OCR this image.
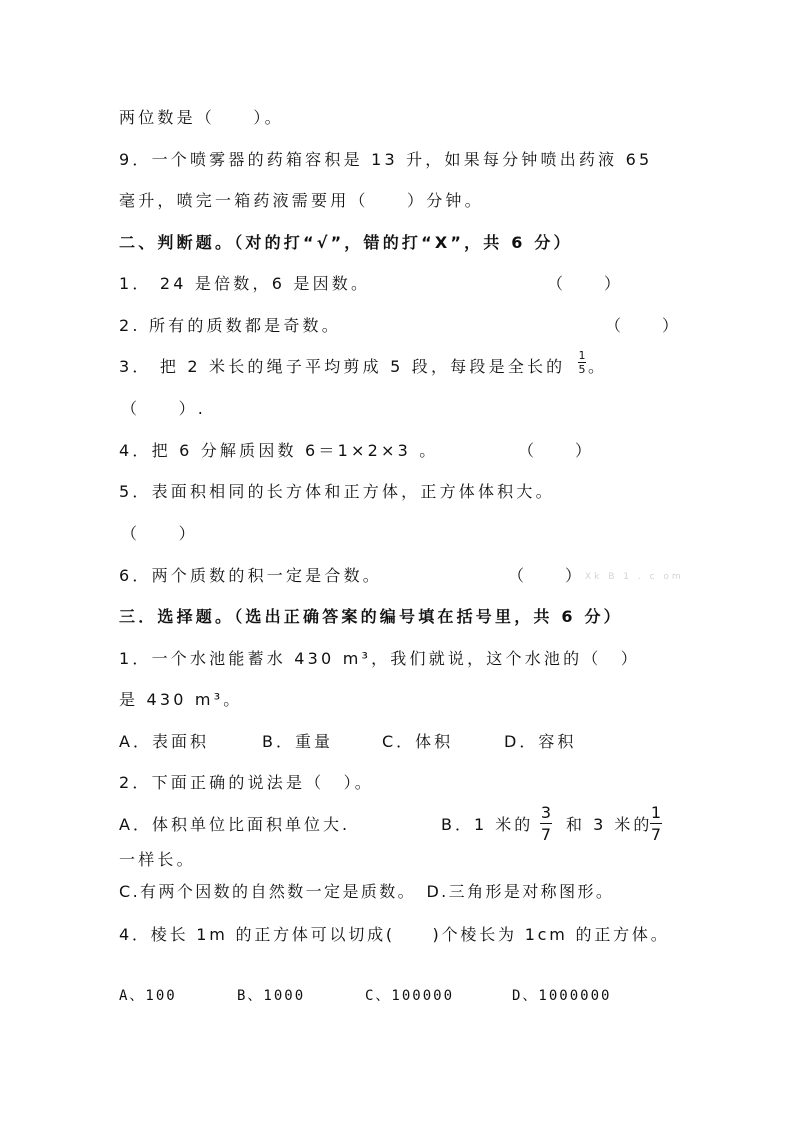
两位数是（　　）。
9．一个喷雾器的药箱容积是 13 升，如果每分钟喷出药液 65
毫升，喷完一箱药液需要用（　　）分钟。
二、判断题。（对的打“√”，错的打“X”，共 6 分）
1． 24 是倍数，6 是因数。	（　　）
2. 所有的质数都是奇数。	（　　）
3． 把 2 米长的绳子平均剪成 5 段，每段是全长的
1
5 。
（　　）.
4．把 6 分解质因数 6＝1×2×3 。	（　　）
5．表面积相同的长方体和正方体，正方体体积大。
（　　）
6．两个质数的积一定是合数。	（　　） Xk B 1 . c om
三．选择题。（选出正确答案的编号填在括号里，共 6 分）
1．一个水池能蓄水 430 m³，我们就说，这个水池的（　）
是 430 m³。
A．表面积	B．重量	C．体积	D．容积
2．下面正确的说法是（　）。
A．体积单位比面积单位大.	B．1 米的
3
7
和 3 米的
1
7
一样长。
C.有两个因数的自然数一定是质数。　D.三角形是对称图形。
4．棱长 1m 的正方体可以切成(　　)个棱长为 1cm 的正方体。
A、100	B、1000	C、100000	D、1000000
